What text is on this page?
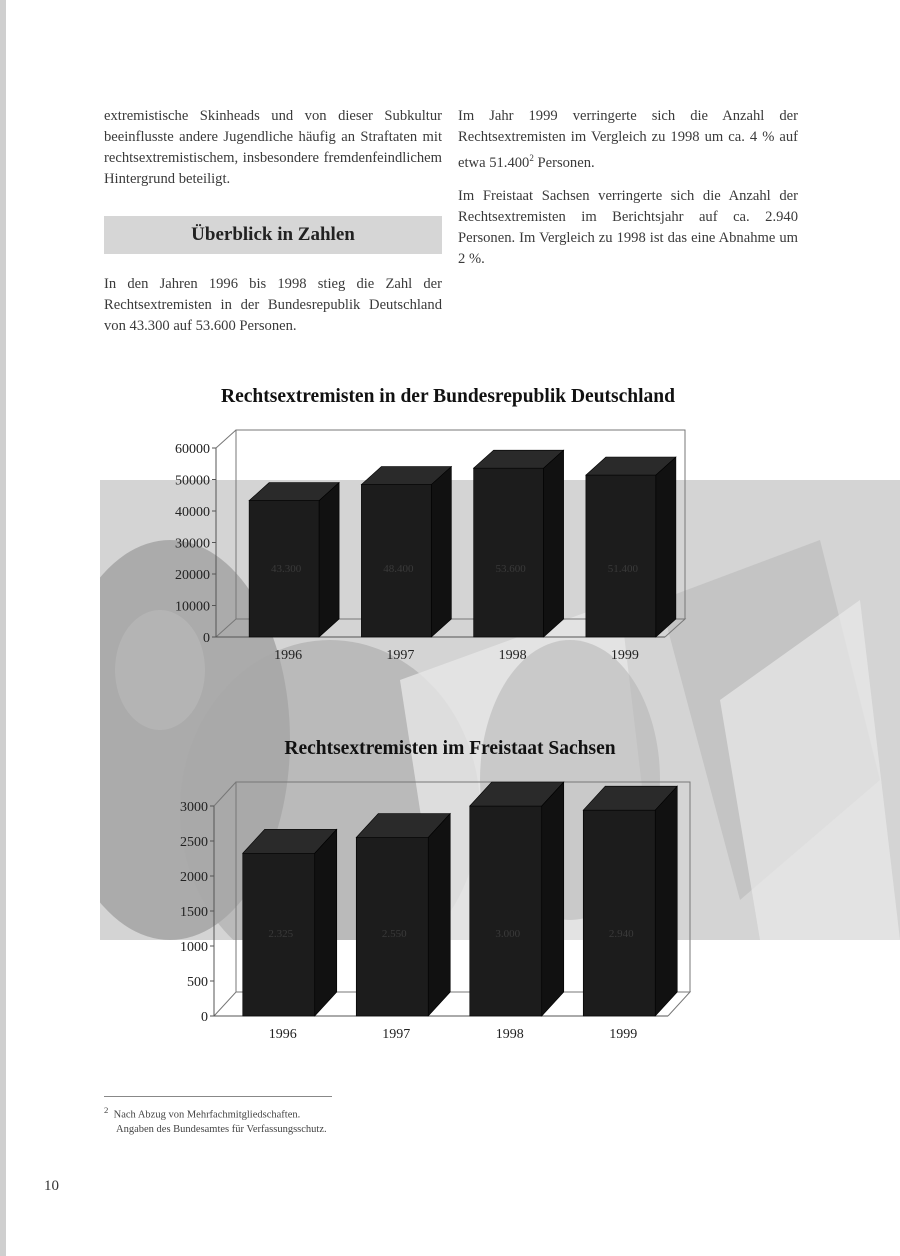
extremistische Skinheads und von dieser Subkultur beeinflusste andere Jugendliche häufig an Straftaten mit rechtsextremistischem, insbesondere fremdenfeindlichem Hintergrund beteiligt.

Überblick in Zahlen

In den Jahren 1996 bis 1998 stieg die Zahl der Rechtsextremisten in der Bundesrepublik Deutschland von 43.300 auf 53.600 Personen.

Im Jahr 1999 verringerte sich die Anzahl der Rechtsextremisten im Vergleich zu 1998 um ca. 4 % auf etwa 51.400$^2$ Personen.

Im Freistaat Sachsen verringerte sich die Anzahl der Rechtsextremisten im Berichtsjahr auf ca. 2.940 Personen. Im Vergleich zu 1998 ist das eine Abnahme um 2 %.

Rechtsextremisten in der Bundesrepublik Deutschland
0
10000
20000
30000
40000
50000
60000
43.300
1996
48.400
1997
53.600
1998
51.400
1999
Rechtsextremisten im Freistaat Sachsen
0
500
1000
1500
2000
2500
3000
2.325
1996
2.550
1997
3.000
1998
2.940
1999
$^2$ Nach Abzug von Mehrfachmitgliedschaften.
Angaben des Bundesamtes für Verfassungsschutz.
10
